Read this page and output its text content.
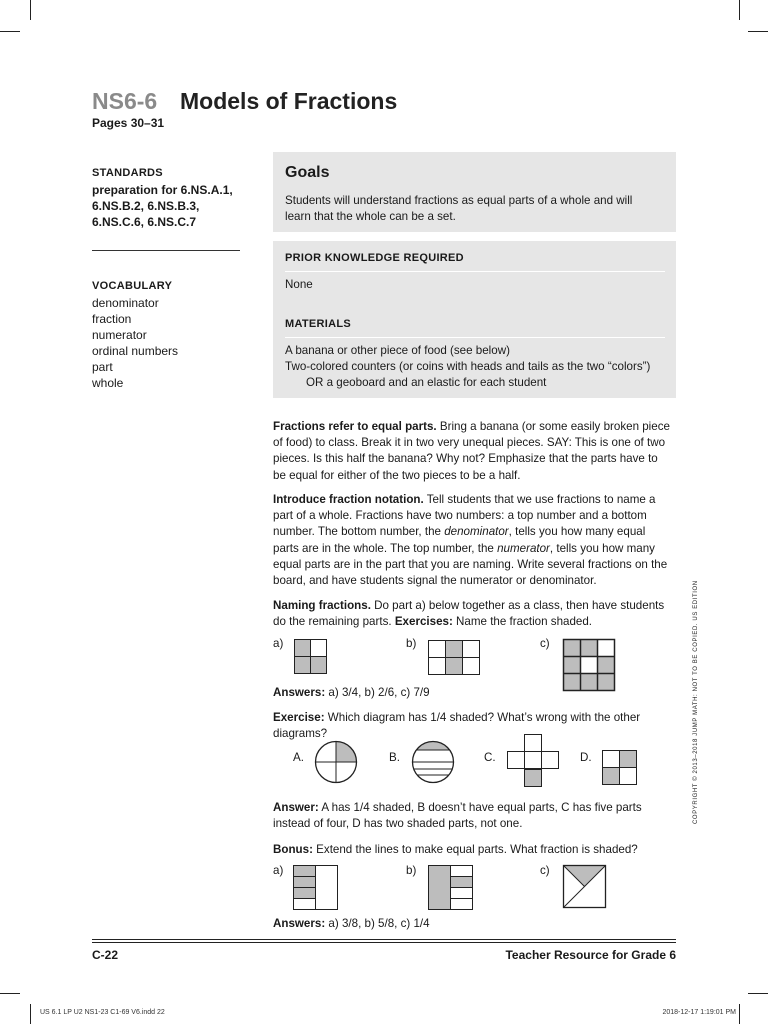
NS6-6 Models of Fractions
Pages 30–31
STANDARDS
preparation for 6.NS.A.1,
6.NS.B.2, 6.NS.B.3,
6.NS.C.6, 6.NS.C.7
VOCABULARY
denominator
fraction
numerator
ordinal numbers
part
whole
Goals
Students will understand fractions as equal parts of a whole and will
learn that the whole can be a set.
PRIOR KNOWLEDGE REQUIRED
None
MATERIALS
A banana or other piece of food (see below)
Two-colored counters (or coins with heads and tails as the two “colors”)
OR a geoboard and an elastic for each student
Fractions refer to equal parts. Bring a banana (or some easily broken piece
of food) to class. Break it in two very unequal pieces. SAY: This is one of two
pieces. Is this half the banana? Why not? Emphasize that the parts have to
be equal for either of the two pieces to be a half.
Introduce fraction notation. Tell students that we use fractions to name a
part of a whole. Fractions have two numbers: a top number and a bottom
number. The bottom number, the denominator, tells you how many equal
parts are in the whole. The top number, the numerator, tells you how many
equal parts are in the part that you are naming. Write several fractions on the
board, and have students signal the numerator or denominator.
Naming fractions. Do part a) below together as a class, then have students
do the remaining parts. Exercises: Name the fraction shaded.
a)	b)	c)
Answers: a) 3/4, b) 2/6, c) 7/9
Exercise: Which diagram has 1/4 shaded? What’s wrong with the other
diagrams?
A.	B.	C.	D.
Answer: A has 1/4 shaded, B doesn’t have equal parts, C has five parts
instead of four, D has two shaded parts, not one.
Bonus: Extend the lines to make equal parts. What fraction is shaded?
a)	b)	c)
Answers: a) 3/8, b) 5/8, c) 1/4
COPYRIGHT © 2013–2018 JUMP MATH: NOT TO BE COPIED. US EDITION
C-22	Teacher Resource for Grade 6
US 6.1 LP U2 NS1-23 C1-69 V6.indd 22	2018-12-17 1:19:01 PM
